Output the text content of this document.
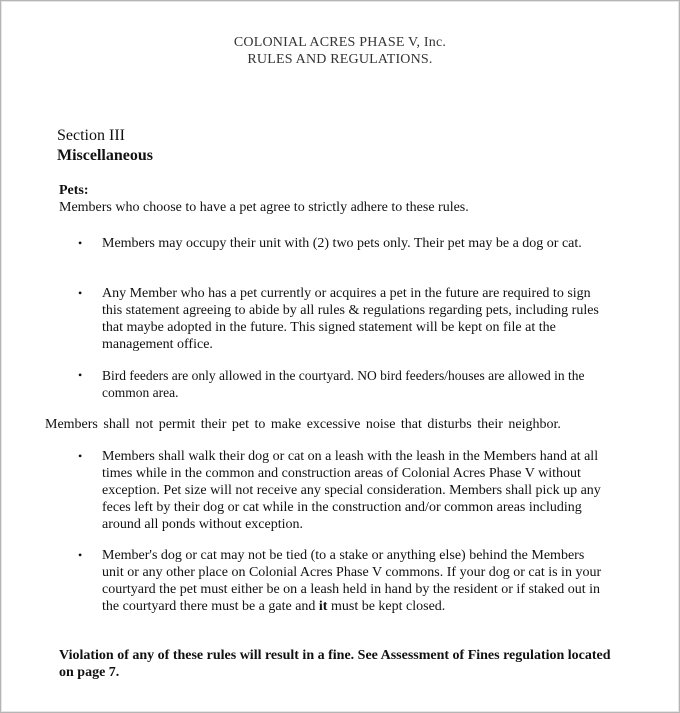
COLONIAL ACRES PHASE V, Inc.
RULES AND REGULATIONS.
Section III
Miscellaneous
Pets:
Members who choose to have a pet agree to strictly adhere to these rules.
• Members may occupy their unit with (2) two pets only. Their pet may be a dog or cat.
• Any Member who has a pet currently or acquires a pet in the future are required to sign this statement agreeing to abide by all rules & regulations regarding pets, including rules that maybe adopted in the future. This signed statement will be kept on file at the management office.
• Bird feeders are only allowed in the courtyard. NO bird feeders/houses are allowed in the common area.
Members shall not permit their pet to make excessive noise that disturbs their neighbor.
• Members shall walk their dog or cat on a leash with the leash in the Members hand at all times while in the common and construction areas of Colonial Acres Phase V without exception. Pet size will not receive any special consideration. Members shall pick up any feces left by their dog or cat while in the construction and/or common areas including around all ponds without exception.
• Member's dog or cat may not be tied (to a stake or anything else) behind the Members unit or any other place on Colonial Acres Phase V commons. If your dog or cat is in your courtyard the pet must either be on a leash held in hand by the resident or if staked out in the courtyard there must be a gate and it must be kept closed.
Violation of any of these rules will result in a fine. See Assessment of Fines regulation located on page 7.
